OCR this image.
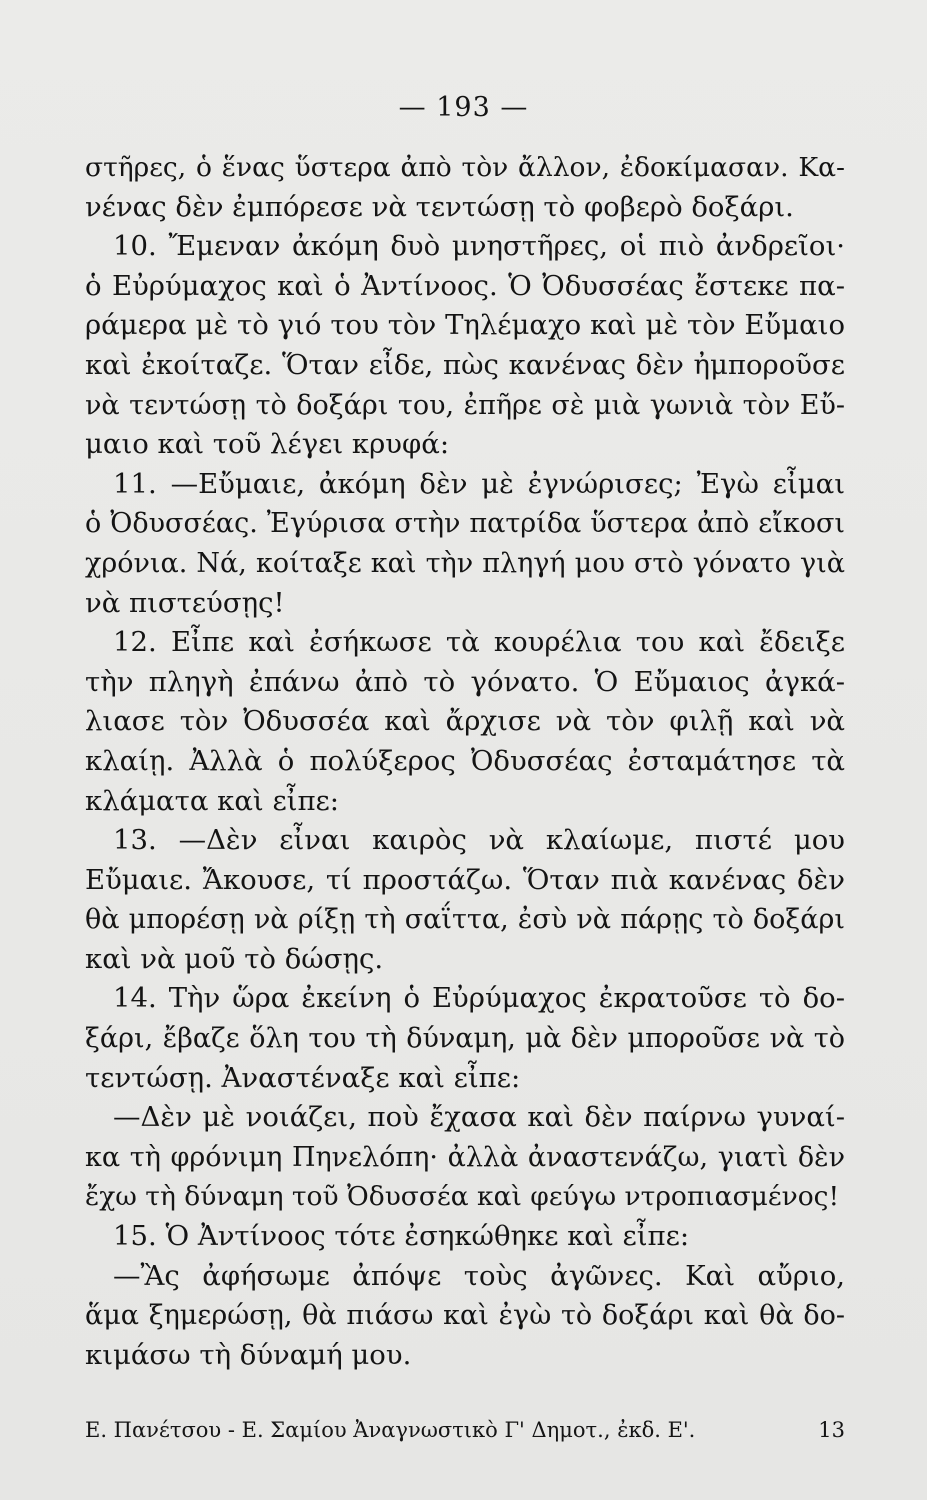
— 193 —
στῆρες, ὁ ἕνας ὕστερα ἀπὸ τὸν ἄλλον, ἐδοκίμασαν. Κα-
νένας δὲν ἐμπόρεσε νὰ τεντώσῃ τὸ φοβερὸ δοξάρι.
10. Ἔμεναν ἀκόμη δυὸ μνηστῆρες, οἱ πιὸ ἀνδρεῖοι·
ὁ Εὐρύμαχος καὶ ὁ Ἀντίνοος. Ὁ Ὀδυσσέας ἔστεκε πα-
ράμερα μὲ τὸ γιό του τὸν Τηλέμαχο καὶ μὲ τὸν Εὔμαιο
καὶ ἐκοίταζε. Ὅταν εἶδε, πὼς κανένας δὲν ἠμποροῦσε
νὰ τεντώσῃ τὸ δοξάρι του, ἐπῆρε σὲ μιὰ γωνιὰ τὸν Εὔ-
μαιο καὶ τοῦ λέγει κρυφά:
11. —Εὔμαιε, ἀκόμη δὲν μὲ ἐγνώρισες; Ἐγὼ εἶμαι
ὁ Ὀδυσσέας. Ἐγύρισα στὴν πατρίδα ὕστερα ἀπὸ εἴκοσι
χρόνια. Νά, κοίταξε καὶ τὴν πληγή μου στὸ γόνατο γιὰ
νὰ πιστεύσῃς!
12. Εἶπε καὶ ἐσήκωσε τὰ κουρέλια του καὶ ἔδειξε
τὴν πληγὴ ἐπάνω ἀπὸ τὸ γόνατο. Ὁ Εὔμαιος ἀγκά-
λιασε τὸν Ὀδυσσέα καὶ ἄρχισε νὰ τὸν φιλῇ καὶ νὰ
κλαίῃ. Ἀλλὰ ὁ πολύξερος Ὀδυσσέας ἐσταμάτησε τὰ
κλάματα καὶ εἶπε:
13. —Δὲν εἶναι καιρὸς νὰ κλαίωμε, πιστέ μου
Εὔμαιε. Ἄκουσε, τί προστάζω. Ὅταν πιὰ κανένας δὲν
θὰ μπορέσῃ νὰ ρίξῃ τὴ σαΐττα, ἐσὺ νὰ πάρῃς τὸ δοξάρι
καὶ νὰ μοῦ τὸ δώσῃς.
14. Τὴν ὥρα ἐκείνη ὁ Εὐρύμαχος ἐκρατοῦσε τὸ δο-
ξάρι, ἔβαζε ὅλη του τὴ δύναμη, μὰ δὲν μποροῦσε νὰ τὸ
τεντώσῃ. Ἀναστέναξε καὶ εἶπε:
—Δὲν μὲ νοιάζει, ποὺ ἔχασα καὶ δὲν παίρνω γυναί-
κα τὴ φρόνιμη Πηνελόπη· ἀλλὰ ἀναστενάζω, γιατὶ δὲν
ἔχω τὴ δύναμη τοῦ Ὀδυσσέα καὶ φεύγω ντροπιασμένος!
15. Ὁ Ἀντίνοος τότε ἐσηκώθηκε καὶ εἶπε:
—Ἂς ἀφήσωμε ἀπόψε τοὺς ἀγῶνες. Καὶ αὔριο,
ἅμα ξημερώσῃ, θὰ πιάσω καὶ ἐγὼ τὸ δοξάρι καὶ θὰ δο-
κιμάσω τὴ δύναμή μου.
Ε. Πανέτσου - Ε. Σαμίου Ἀναγνωστικὸ Γ' Δημοτ., ἐκδ. Ε'.	13
